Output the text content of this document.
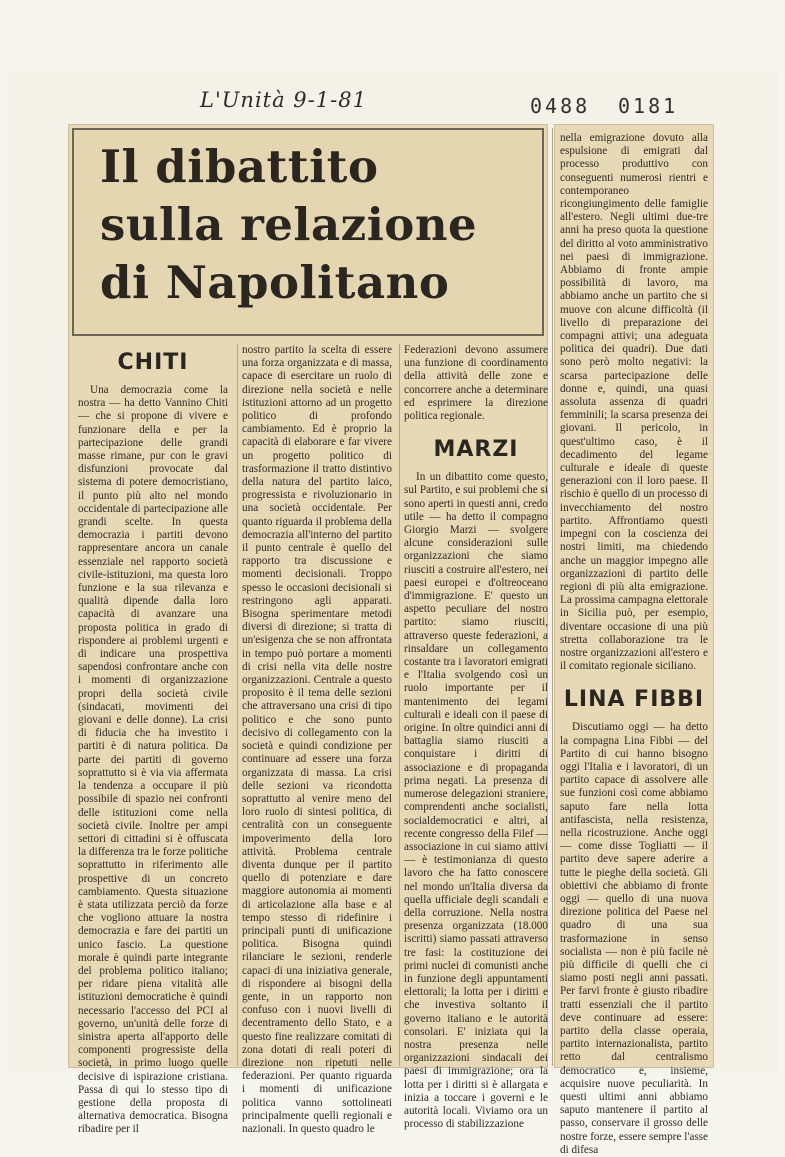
L'Unità 9-1-81	0488 0181
Il dibattito
sulla relazione
di Napolitano
CHITI

Una democrazia come la nostra — ha detto Vannino Chiti — che si propone di vivere e funzionare della e per la partecipazione delle grandi masse rimane, pur con le gravi disfunzioni provocate dal sistema di potere democristiano, il punto più alto nel mondo occidentale di partecipazione alle grandi scelte. In questa democrazia i partiti devono rappresentare ancora un canale essenziale nel rapporto società civile-istituzioni, ma questa loro funzione e la sua rilevanza e qualità dipende dalla loro capacità di avanzare una proposta politica in grado di rispondere ai problemi urgenti e di indicare una prospettiva sapendosi confrontare anche con i momenti di organizzazione propri della società civile (sindacati, movimenti dei giovani e delle donne). La crisi di fiducia che ha investito i partiti è di natura politica. Da parte dei partiti di governo soprattutto si è via via affermata la tendenza a occupare il più possibile di spazio nei confronti delle istituzioni come nella società civile. Inoltre per ampi settori di cittadini si è offuscata la differenza tra le forze politiche soprattutto in riferimento alle prospettive di un concreto cambiamento. Questa situazione è stata utilizzata perciò da forze che vogliono attuare la nostra democrazia e fare dei partiti un unico fascio. La questione morale è quindi parte integrante del problema politico italiano; per ridare piena vitalità alle istituzioni democratiche è quindi necessario l'accesso del PCI al governo, un'unità delle forze di sinistra aperta all'apporto delle componenti progressiste della società, in primo luogo quelle decisive di ispirazione cristiana. Passa di qui lo stesso tipo di gestione della proposta di alternativa democratica. Bisogna ribadire per il

nostro partito la scelta di essere una forza organizzata e di massa, capace di esercitare un ruolo di direzione nella società e nelle istituzioni attorno ad un progetto politico di profondo cambiamento. Ed è proprio la capacità di elaborare e far vivere un progetto politico di trasformazione il tratto distintivo della natura del partito laico, progressista e rivoluzionario in una società occidentale. Per quanto riguarda il problema della democrazia all'interno del partito il punto centrale è quello del rapporto tra discussione e momenti decisionali. Troppo spesso le occasioni decisionali si restringono agli apparati. Bisogna sperimentare metodi diversi di direzione; si tratta di un'esigenza che se non affrontata in tempo può portare a momenti di crisi nella vita delle nostre organizzazioni. Centrale a questo proposito è il tema delle sezioni che attraversano una crisi di tipo politico e che sono punto decisivo di collegamento con la società e quindi condizione per continuare ad essere una forza organizzata di massa. La crisi delle sezioni va ricondotta soprattutto al venire meno del loro ruolo di sintesi politica, di centralità con un conseguente impoverimento della loro attività. Problema centrale diventa dunque per il partito quello di potenziare e dare maggiore autonomia ai momenti di articolazione alla base e al tempo stesso di ridefinire i principali punti di unificazione politica. Bisogna quindi rilanciare le sezioni, renderle capaci di una iniziativa generale, di rispondere ai bisogni della gente, in un rapporto non confuso con i nuovi livelli di decentramento dello Stato, e a questo fine realizzare comitati di zona dotati di reali poteri di direzione non ripetuti nelle federazioni. Per quanto riguarda i momenti di unificazione politica vanno sottolineati principalmente quelli regionali e nazionali. In questo quadro le

Federazioni devono assumere una funzione di coordinamento della attività delle zone e concorrere anche a determinare ed esprimere la direzione politica regionale.

MARZI

In un dibattito come questo, sul Partito, e sui problemi che si sono aperti in questi anni, credo utile — ha detto il compagno Giorgio Marzi — svolgere alcune considerazioni sulle organizzazioni che siamo riusciti a costruire all'estero, nei paesi europei e d'oltreoceano d'immigrazione. E' questo un aspetto peculiare del nostro partito: siamo riusciti, attraverso queste federazioni, a rinsaldare un collegamento costante tra i lavoratori emigrati e l'Italia svolgendo così un ruolo importante per il mantenimento dei legami culturali e ideali con il paese di origine. In oltre quindici anni di battaglia siamo riusciti a conquistare i diritti di associazione e di propaganda prima negati. La presenza di numerose delegazioni straniere, comprendenti anche socialisti, socialdemocratici e altri, al recente congresso della Filef — associazione in cui siamo attivi — è testimonianza di questo lavoro che ha fatto conoscere nel mondo un'Italia diversa da quella ufficiale degli scandali e della corruzione. Nella nostra presenza organizzata (18.000 iscritti) siamo passati attraverso tre fasi: la costituzione dei primi nuclei di comunisti anche in funzione degli appuntamenti elettorali; la lotta per i diritti e che investiva soltanto il governo italiano e le autorità consolari. E' iniziata qui la nostra presenza nelle organizzazioni sindacali dei paesi di immigrazione; ora la lotta per i diritti si è allargata e inizia a toccare i governi e le autorità locali. Viviamo ora un processo di stabilizzazione

nella emigrazione dovuto alla espulsione di emigrati dal processo produttivo con conseguenti numerosi rientri e contemporaneo ricongiungimento delle famiglie all'estero. Negli ultimi due-tre anni ha preso quota la questione del diritto al voto amministrativo nei paesi di immigrazione. Abbiamo di fronte ampie possibilità di lavoro, ma abbiamo anche un partito che si muove con alcune difficoltà (il livello di preparazione dei compagni attivi; una adeguata politica dei quadri). Due dati sono però molto negativi: la scarsa partecipazione delle donne e, quindi, una quasi assoluta assenza di quadri femminili; la scarsa presenza dei giovani. Il pericolo, in quest'ultimo caso, è il decadimento del legame culturale e ideale di queste generazioni con il loro paese. Il rischio è quello di un processo di invecchiamento del nostro partito. Affrontiamo questi impegni con la coscienza dei nostri limiti, ma chiedendo anche un maggior impegno alle organizzazioni di partito delle regioni di più alta emigrazione. La prossima campagna elettorale in Sicilia può, per esempio, diventare occasione di una più stretta collaborazione tra le nostre organizzazioni all'estero e il comitato regionale siciliano.

LINA FIBBI

Discutiamo oggi — ha detto la compagna Lina Fibbi — del Partito di cui hanno bisogno oggi l'Italia e i lavoratori, di un partito capace di assolvere alle sue funzioni così come abbiamo saputo fare nella lotta antifascista, nella resistenza, nella ricostruzione. Anche oggi — come disse Togliatti — il partito deve sapere aderire a tutte le pieghe della società. Gli obiettivi che abbiamo di fronte oggi — quello di una nuova direzione politica del Paese nel quadro di una sua trasformazione in senso socialista — non è più facile nè più difficile di quelli che ci siamo posti negli anni passati. Per farvi fronte è giusto ribadire tratti essenziali che il partito deve continuare ad essere: partito della classe operaia, partito internazionalista, partito retto dal centralismo democratico e, insieme, acquisire nuove peculiarità. In questi ultimi anni abbiamo saputo mantenere il partito al passo, conservare il grosso delle nostre forze, essere sempre l'asse di difesa
